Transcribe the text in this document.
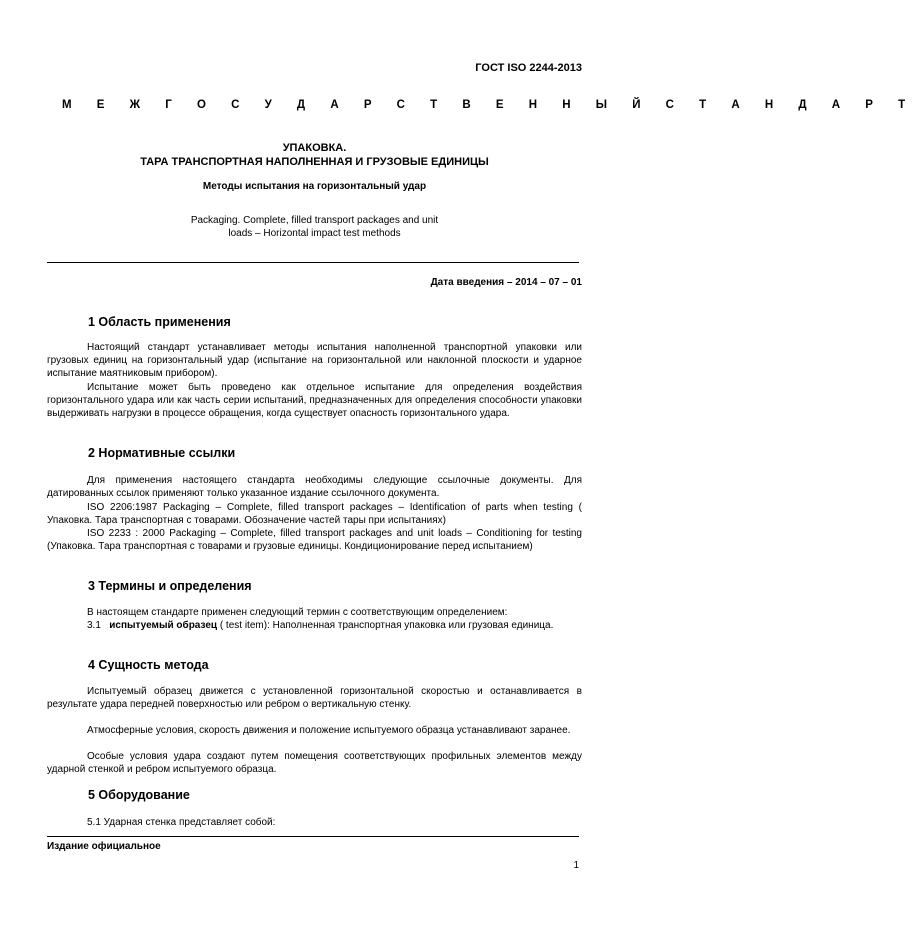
ГОСТ ISO 2244-2013
М Е Ж Г О С У Д А Р С Т В Е Н Н Ы Й С Т А Н Д А Р Т
УПАКОВКА.
ТАРА ТРАНСПОРТНАЯ НАПОЛНЕННАЯ И ГРУЗОВЫЕ ЕДИНИЦЫ
Методы испытания на горизонтальный удар
Packaging. Complete, filled transport packages and unit
loads – Horizontal impact test methods
Дата введения – 2014 – 07 – 01
1 Область применения
Настоящий стандарт устанавливает методы испытания наполненной транспортной упаковки или грузовых единиц на горизонтальный удар (испытание на горизонтальной или наклонной плоскости и ударное испытание маятниковым прибором).
Испытание может быть проведено как отдельное испытание для определения воздействия горизонтального удара или как часть серии испытаний, предназначенных для определения способности упаковки выдерживать нагрузки в процессе обращения, когда существует опасность горизонтального удара.
2 Нормативные ссылки
Для применения настоящего стандарта необходимы следующие ссылочные документы. Для датированных ссылок применяют только указанное издание ссылочного документа.
ISO 2206:1987 Packaging – Complete, filled transport packages – Identification of parts when testing ( Упаковка. Тара транспортная с товарами. Обозначение частей тары при испытаниях)
ISO 2233 : 2000 Packaging – Complete, filled transport packages and unit loads – Conditioning for testing (Упаковка. Тара транспортная с товарами и грузовые единицы. Кондиционирование перед испытанием)
3 Термины и определения
В настоящем стандарте применен следующий термин с соответствующим определением:
3.1 испытуемый образец ( test item): Наполненная транспортная упаковка или грузовая единица.
4 Сущность метода
Испытуемый образец движется с установленной горизонтальной скоростью и останавливается в результате удара передней поверхностью или ребром о вертикальную стенку.
Атмосферные условия, скорость движения и положение испытуемого образца устанавливают заранее.
Особые условия удара создают путем помещения соответствующих профильных элементов между ударной стенкой и ребром испытуемого образца.
5 Оборудование
5.1 Ударная стенка представляет собой:
Издание официальное
1
